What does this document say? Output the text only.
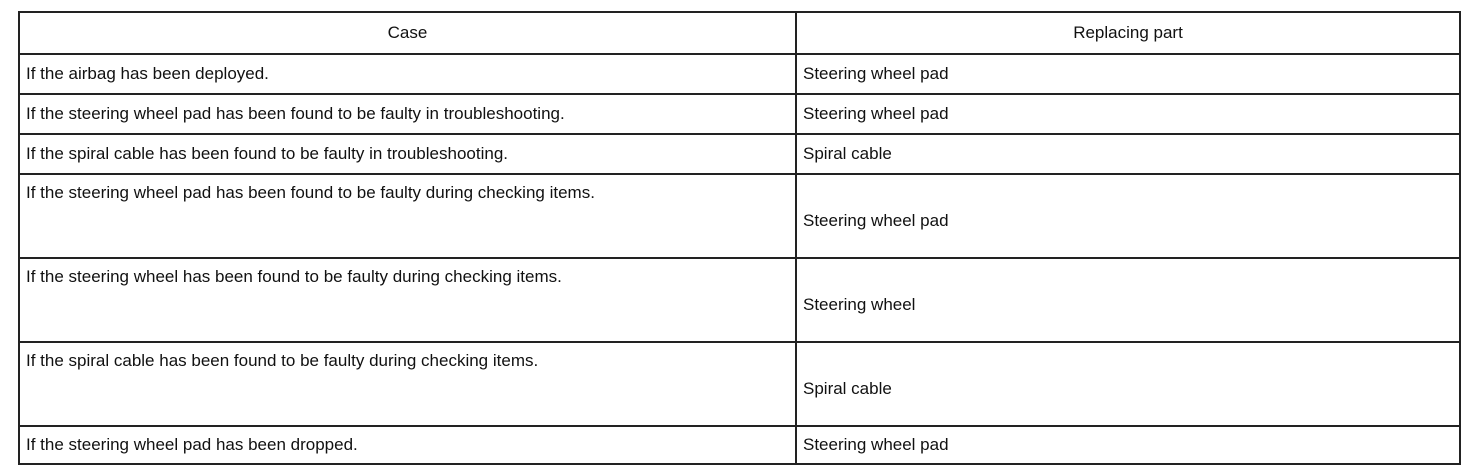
Case	Replacing part
If the airbag has been deployed.	Steering wheel pad
If the steering wheel pad has been found to be faulty in troubleshooting.	Steering wheel pad
If the spiral cable has been found to be faulty in troubleshooting.	Spiral cable
If the steering wheel pad has been found to be faulty during checking items.	Steering wheel pad
If the steering wheel has been found to be faulty during checking items.	Steering wheel
If the spiral cable has been found to be faulty during checking items.	Spiral cable
If the steering wheel pad has been dropped.	Steering wheel pad
